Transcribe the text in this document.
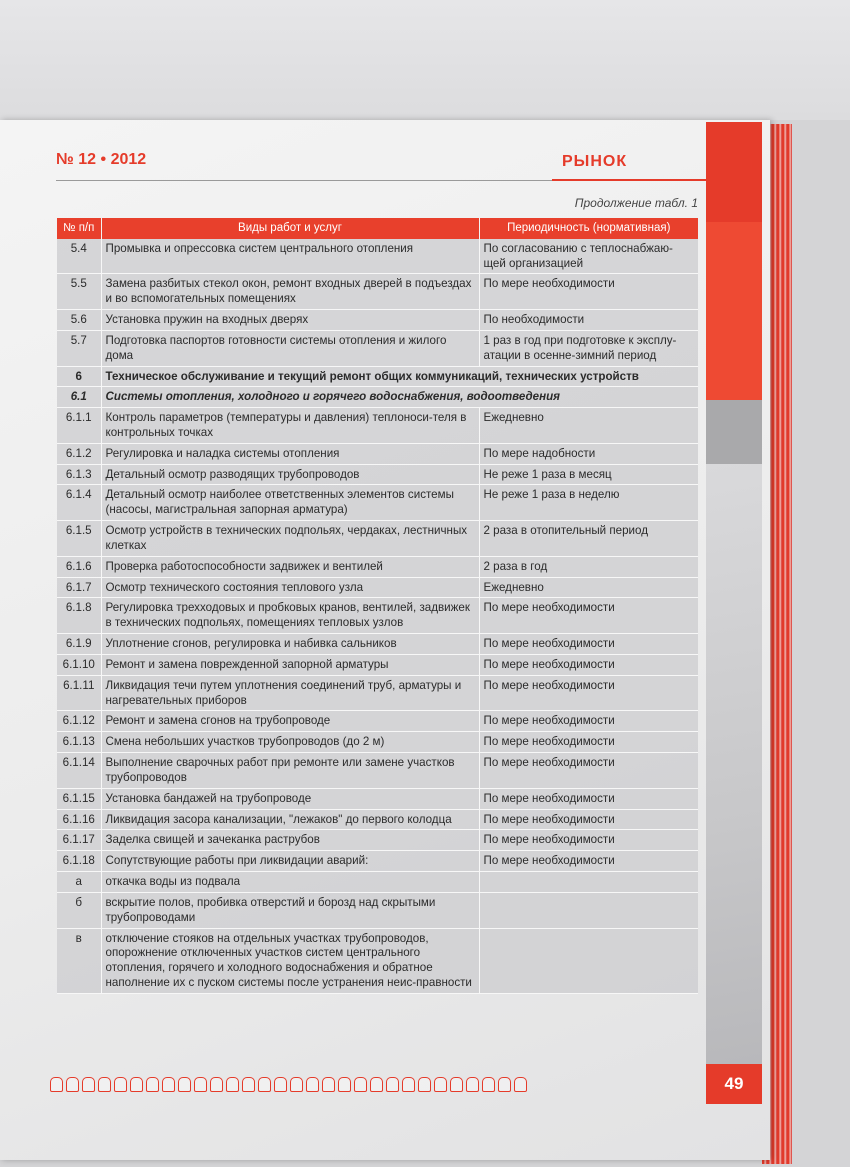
№ 12 • 2012	РЫНОК
Продолжение табл. 1
№ п/п	Виды работ и услуг	Периодичность (нормативная)
5.4	Промывка и опрессовка систем центрального отопления	По согласованию с теплоснабжаю-щей организацией
5.5	Замена разбитых стекол окон, ремонт входных дверей в подъездах и во вспомогательных помещениях	По мере необходимости
5.6	Установка пружин на входных дверях	По необходимости
5.7	Подготовка паспортов готовности системы отопления и жилого дома	1 раз в год при подготовке к эксплу-атации в осенне-зимний период
6	Техническое обслуживание и текущий ремонт общих коммуникаций, технических устройств	
6.1	Системы отопления, холодного и горячего водоснабжения, водоотведения	
6.1.1	Контроль параметров (температуры и давления) теплоноси-теля в контрольных точках	Ежедневно
6.1.2	Регулировка и наладка системы отопления	По мере надобности
6.1.3	Детальный осмотр разводящих трубопроводов	Не реже 1 раза в месяц
6.1.4	Детальный осмотр наиболее ответственных элементов системы (насосы, магистральная запорная арматура)	Не реже 1 раза в неделю
6.1.5	Осмотр устройств в технических подпольях, чердаках, лестничных клетках	2 раза в отопительный период
6.1.6	Проверка работоспособности задвижек и вентилей	2 раза в год
6.1.7	Осмотр технического состояния теплового узла	Ежедневно
6.1.8	Регулировка трехходовых и пробковых кранов, вентилей, задвижек в технических подпольях, помещениях тепловых узлов	По мере необходимости
6.1.9	Уплотнение сгонов, регулировка и набивка сальников	По мере необходимости
6.1.10	Ремонт и замена поврежденной запорной арматуры	По мере необходимости
6.1.11	Ликвидация течи путем уплотнения соединений труб, арматуры и нагревательных приборов	По мере необходимости
6.1.12	Ремонт и замена сгонов на трубопроводе	По мере необходимости
6.1.13	Смена небольших участков трубопроводов (до 2 м)	По мере необходимости
6.1.14	Выполнение сварочных работ при ремонте или замене участков трубопроводов	По мере необходимости
6.1.15	Установка бандажей на трубопроводе	По мере необходимости
6.1.16	Ликвидация засора канализации, "лежаков" до первого колодца	По мере необходимости
6.1.17	Заделка свищей и зачеканка раструбов	По мере необходимости
6.1.18	Сопутствующие работы при ликвидации аварий:	По мере необходимости
а	откачка воды из подвала	
б	вскрытие полов, пробивка отверстий и борозд над скрытыми трубопроводами	
в	отключение стояков на отдельных участках трубопроводов, опорожнение отключенных участков систем центрального отопления, горячего и холодного водоснабжения и обратное наполнение их с пуском системы после устранения неис-правности	
49
